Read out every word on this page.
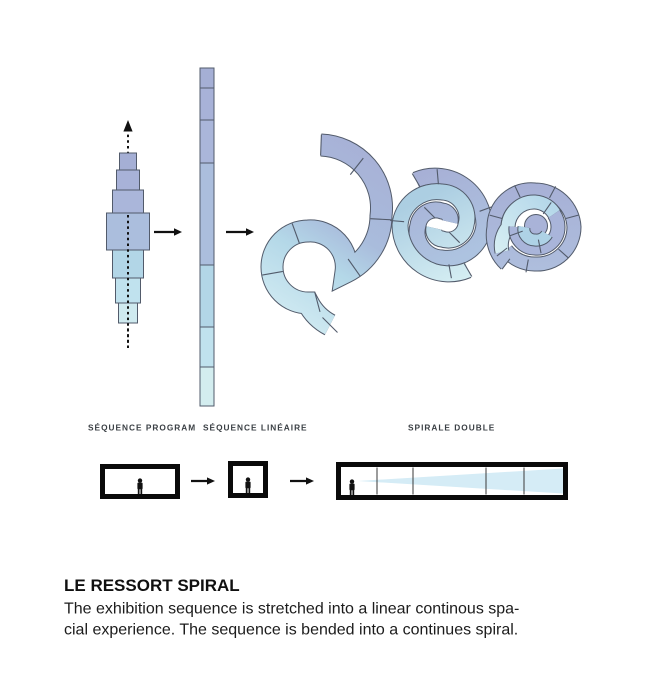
SÉQUENCE PROGRAM SÉQUENCE LINÉAIRE	SPIRALE DOUBLE
LE RESSORT SPIRAL
The exhibition sequence is stretched into a linear continous spa-
cial experience. The sequence is bended into a continues spiral.
